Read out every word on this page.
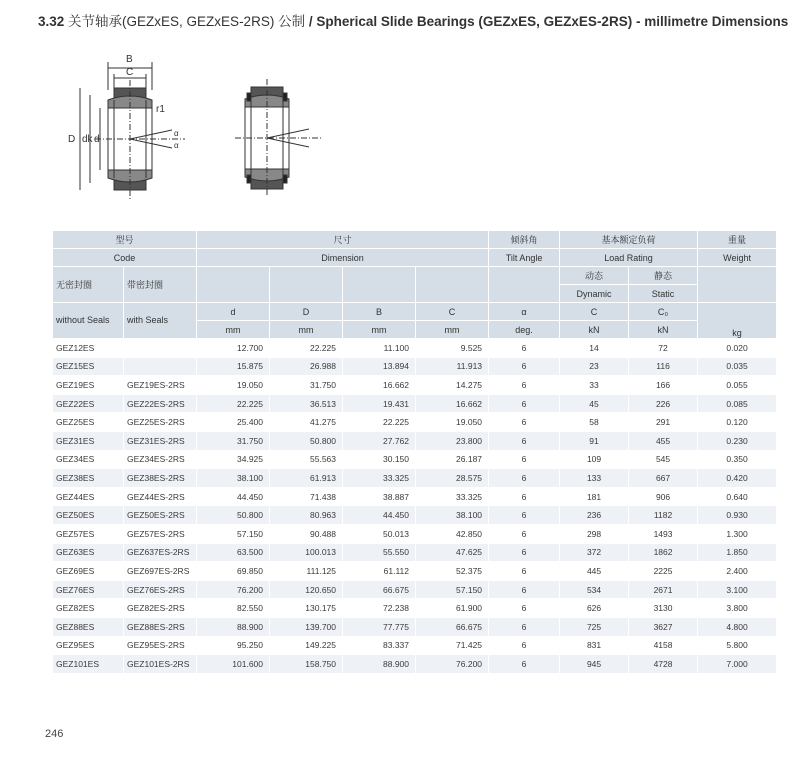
3.32 关节轴承(GEZxES, GEZxES-2RS) 公制 / Spherical Slide Bearings (GEZxES, GEZxES-2RS) - millimetre Dimensions
B
C
D dk d
r1
α
α
型号		尺寸				倾斜角	基本额定负荷		重量
Code		Dimension				Tilt Angle	Load Rating		Weight
无密封圈	带密封圈						动态	静态	
							Dynamic	Static	
without Seals	with Seals	d	D	B	C	α	C	C₀	kg
		mm	mm	mm	mm	deg.	kN	kN	
GEZ12ES		12.700	22.225	11.100	9.525	6	14	72	0.020
GEZ15ES		15.875	26.988	13.894	11.913	6	23	116	0.035
GEZ19ES	GEZ19ES-2RS	19.050	31.750	16.662	14.275	6	33	166	0.055
GEZ22ES	GEZ22ES-2RS	22.225	36.513	19.431	16.662	6	45	226	0.085
GEZ25ES	GEZ25ES-2RS	25.400	41.275	22.225	19.050	6	58	291	0.120
GEZ31ES	GEZ31ES-2RS	31.750	50.800	27.762	23.800	6	91	455	0.230
GEZ34ES	GEZ34ES-2RS	34.925	55.563	30.150	26.187	6	109	545	0.350
GEZ38ES	GEZ38ES-2RS	38.100	61.913	33.325	28.575	6	133	667	0.420
GEZ44ES	GEZ44ES-2RS	44.450	71.438	38.887	33.325	6	181	906	0.640
GEZ50ES	GEZ50ES-2RS	50.800	80.963	44.450	38.100	6	236	1182	0.930
GEZ57ES	GEZ57ES-2RS	57.150	90.488	50.013	42.850	6	298	1493	1.300
GEZ63ES	GEZ637ES-2RS	63.500	100.013	55.550	47.625	6	372	1862	1.850
GEZ69ES	GEZ697ES-2RS	69.850	111.125	61.112	52.375	6	445	2225	2.400
GEZ76ES	GEZ76ES-2RS	76.200	120.650	66.675	57.150	6	534	2671	3.100
GEZ82ES	GEZ82ES-2RS	82.550	130.175	72.238	61.900	6	626	3130	3.800
GEZ88ES	GEZ88ES-2RS	88.900	139.700	77.775	66.675	6	725	3627	4.800
GEZ95ES	GEZ95ES-2RS	95.250	149.225	83.337	71.425	6	831	4158	5.800
GEZ101ES	GEZ101ES-2RS	101.600	158.750	88.900	76.200	6	945	4728	7.000
246
